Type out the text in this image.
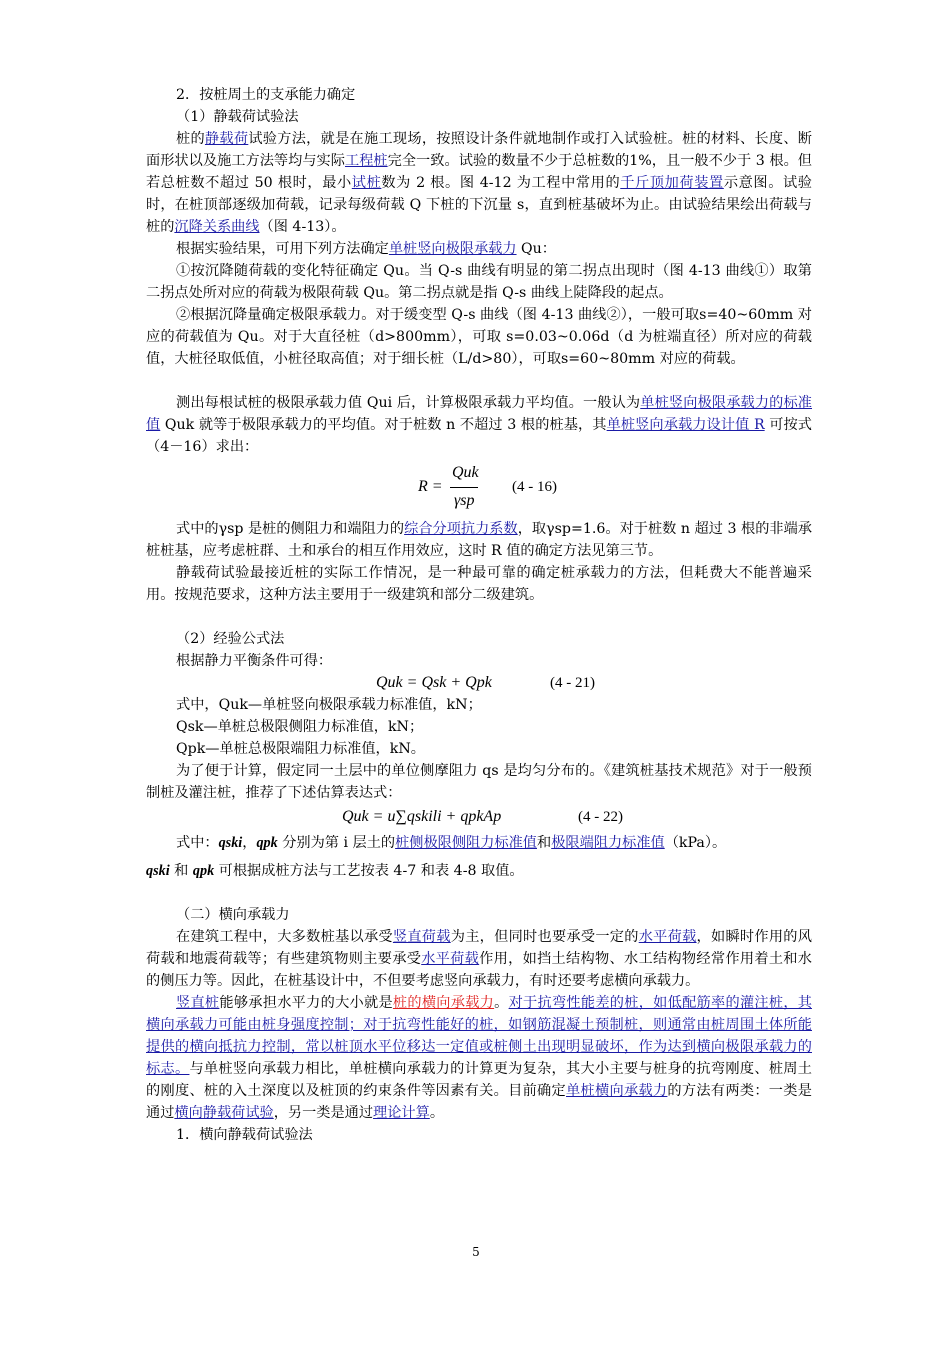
2．按桩周土的支承能力确定

（1）静载荷试验法

桩的静载荷试验方法，就是在施工现场，按照设计条件就地制作或打入试验桩。桩的材料、长度、断面形状以及施工方法等均与实际工程桩完全一致。试验的数量不少于总桩数的1%，且一般不少于 3 根。但若总桩数不超过 50 根时，最小试桩数为 2 根。图 4-12 为工程中常用的千斤顶加荷装置示意图。试验时，在桩顶部逐级加荷载，记录每级荷载 Q 下桩的下沉量 s，直到桩基破坏为止。由试验结果绘出荷载与桩的沉降关系曲线（图 4-13）。

根据实验结果，可用下列方法确定单桩竖向极限承载力 Qu：

①按沉降随荷载的变化特征确定 Qu。当 Q-s 曲线有明显的第二拐点出现时（图 4-13 曲线①）取第二拐点处所对应的荷载为极限荷载 Qu。第二拐点就是指 Q-s 曲线上陡降段的起点。

②根据沉降量确定极限承载力。对于缓变型 Q-s 曲线（图 4-13 曲线②），一般可取s=40~60mm 对应的荷载值为 Qu。对于大直径桩（d>800mm），可取 s=0.03~0.06d（d 为桩端直径）所对应的荷载值，大桩径取低值，小桩径取高值；对于细长桩（L/d>80），可取s=60~80mm 对应的荷载。

测出每根试桩的极限承载力值 Qui 后，计算极限承载力平均值。一般认为单桩竖向极限承载力的标准值 Quk 就等于极限承载力的平均值。对于桩数 n 不超过 3 根的桩基，其单桩竖向承载力设计值 R 可按式（4－16）求出：

R =
Quk
γsp
(4 - 16)

式中的γsp 是桩的侧阻力和端阻力的综合分项抗力系数，取γsp=1.6。对于桩数 n 超过 3 根的非端承桩桩基，应考虑桩群、土和承台的相互作用效应，这时 R 值的确定方法见第三节。

静载荷试验最接近桩的实际工作情况，是一种最可靠的确定桩承载力的方法，但耗费大不能普遍采用。按规范要求，这种方法主要用于一级建筑和部分二级建筑。

（2）经验公式法

根据静力平衡条件可得：

Quk = Qsk + Qpk	(4 - 21)

式中，Quk—单桩竖向极限承载力标准值，kN；

Qsk—单桩总极限侧阻力标准值，kN；

Qpk—单桩总极限端阻力标准值，kN。

为了便于计算，假定同一土层中的单位侧摩阻力 qs 是均匀分布的。《建筑桩基技术规范》对于一般预制桩及灌注桩，推荐了下述估算表达式：

Quk = u∑qskili + qpkAp	(4 - 22)

式中：qski，qpk 分别为第 i 层土的桩侧极限侧阻力标准值和极限端阻力标准值（kPa）。

qski 和 qpk 可根据成桩方法与工艺按表 4-7 和表 4-8 取值。

（二）横向承载力

在建筑工程中，大多数桩基以承受竖直荷载为主，但同时也要承受一定的水平荷载，如瞬时作用的风荷载和地震荷载等；有些建筑物则主要承受水平荷载作用，如挡土结构物、水工结构物经常作用着土和水的侧压力等。因此，在桩基设计中，不但要考虑竖向承载力，有时还要考虑横向承载力。

竖直桩能够承担水平力的大小就是桩的横向承载力。对于抗弯性能差的桩，如低配筋率的灌注桩，其横向承载力可能由桩身强度控制；对于抗弯性能好的桩，如钢筋混凝土预制桩，则通常由桩周围土体所能提供的横向抵抗力控制，常以桩顶水平位移达一定值或桩侧土出现明显破坏，作为达到横向极限承载力的标志。与单桩竖向承载力相比，单桩横向承载力的计算更为复杂，其大小主要与桩身的抗弯刚度、桩周土的刚度、桩的入土深度以及桩顶的约束条件等因素有关。目前确定单桩横向承载力的方法有两类：一类是通过横向静载荷试验，另一类是通过理论计算。

1．横向静载荷试验法

5
